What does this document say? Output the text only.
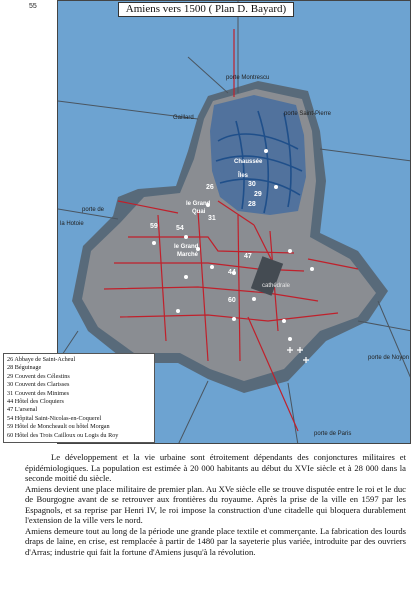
Amiens vers 1500 ( Plan D. Bayard)
porte Montrescu
Gaillard
porte Saint-Pierre
Chaussée
Îles
le Grand
Quai
porte de
la Hotoie
le Grand
Marché
cathédrale
porte de Noyon
porte de Paris
26
28
29
30
31
44
47
54
59
60
55
26 Abbaye de Saint-Acheul
28 Béguinage
29 Couvent des Célestins
30 Couvent des Clarisses
31 Couvent des Minimes
44 Hôtel des Cloquiers
47 L'arsenal
54 Hôpital Saint-Nicolas-en-Coquerel
59 Hôtel de Moncheault ou hôtel Morgan
60 Hôtel des Trois Cailloux ou Logis du Roy

Le développement et la vie urbaine sont étroitement dépendants des conjonctures militaires et épidémiologiques. La population est estimée à 20 000 habitants au début du XVIe siècle et à 28 000 dans la seconde moitié du siècle.

Amiens devient une place militaire de premier plan. Au XVe siècle elle se trouve disputée entre le roi et le duc de Bourgogne avant de se retrouver aux frontières du royaume. Après la prise de la ville en 1597 par les Espagnols, et sa reprise par Henri IV, le roi impose la construction d'une citadelle qui bloquera durablement l'extension de la ville vers le nord.

Amiens demeure tout au long de la période une grande place textile et commerçante. La fabrication des lourds draps de laine, en crise, est remplacée à partir de 1480 par la sayeterie plus variée, introduite par des ouvriers d'Arras; industrie qui fait la fortune d'Amiens jusqu'à la révolution.
